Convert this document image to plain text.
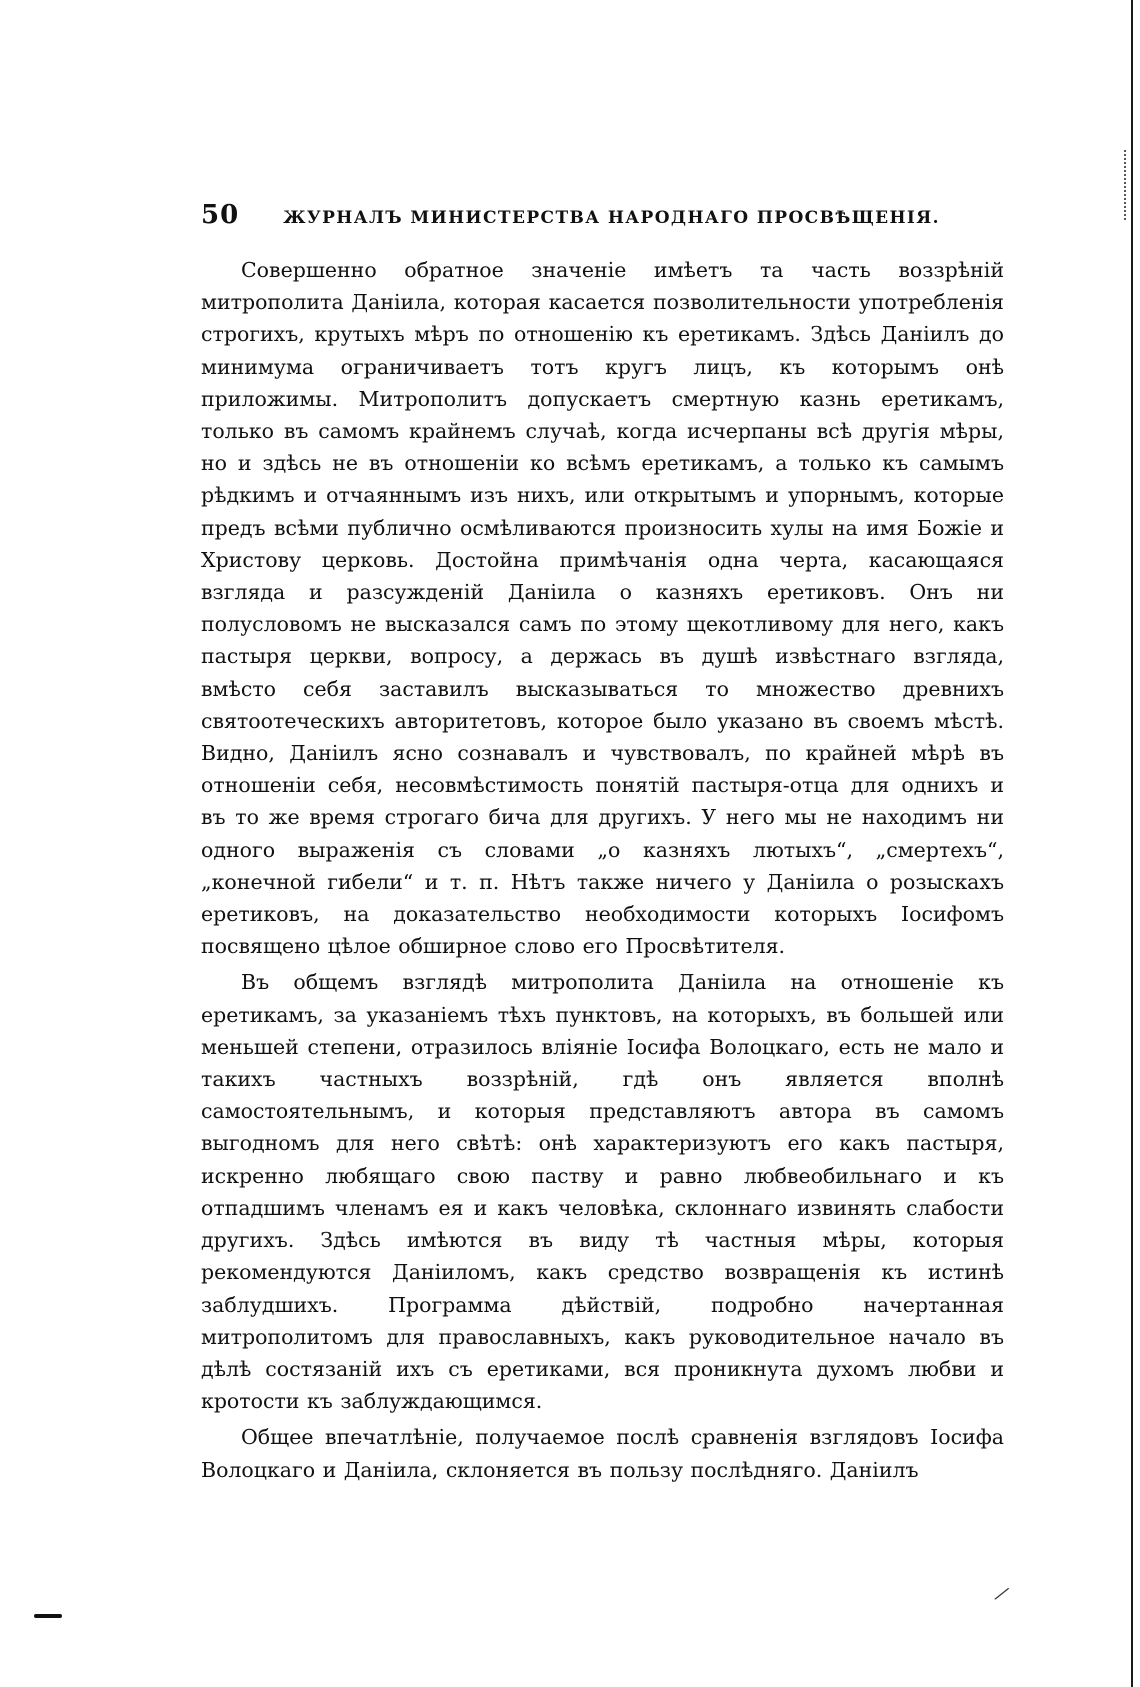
50	ЖУРНАЛЪ МИНИСТЕРСТВА НАРОДНАГО ПРОСВѢЩЕНІЯ.

Совершенно обратное значеніе имѣетъ та часть воззрѣній митрополита Даніила, которая касается позволительности употребленія строгихъ, крутыхъ мѣръ по отношенію къ еретикамъ. Здѣсь Даніилъ до минимума ограничиваетъ тотъ кругъ лицъ, къ которымъ онѣ приложимы. Митрополитъ допускаетъ смертную казнь еретикамъ, только въ самомъ крайнемъ случаѣ, когда исчерпаны всѣ другія мѣры, но и здѣсь не въ отношеніи ко всѣмъ еретикамъ, а только къ самымъ рѣдкимъ и отчаяннымъ изъ нихъ, или открытымъ и упорнымъ, которые предъ всѣми публично осмѣливаются произносить хулы на имя Божіе и Христову церковь. Достойна примѣчанія одна черта, касающаяся взгляда и разсужденій Даніила о казняхъ еретиковъ. Онъ ни полусловомъ не высказался самъ по этому щекотливому для него, какъ пастыря церкви, вопросу, а держась въ душѣ извѣстнаго взгляда, вмѣсто себя заставилъ высказываться то множество древнихъ святоотеческихъ авторитетовъ, которое было указано въ своемъ мѣстѣ. Видно, Даніилъ ясно сознавалъ и чувствовалъ, по крайней мѣрѣ въ отношеніи себя, несовмѣстимость понятій пастыря-отца для однихъ и въ то же время строгаго бича для другихъ. У него мы не находимъ ни одного выраженія съ словами „о казняхъ лютыхъ“, „смертехъ“, „конечной гибели“ и т. п. Нѣтъ также ничего у Даніила о розыскахъ еретиковъ, на доказательство необходимости которыхъ Іосифомъ посвящено цѣлое обширное слово его Просвѣтителя.

Въ общемъ взглядѣ митрополита Даніила на отношеніе къ еретикамъ, за указаніемъ тѣхъ пунктовъ, на которыхъ, въ большей или меньшей степени, отразилось вліяніе Іосифа Волоцкаго, есть не мало и такихъ частныхъ воззрѣній, гдѣ онъ является вполнѣ самостоятельнымъ, и которыя представляютъ автора въ самомъ выгодномъ для него свѣтѣ: онѣ характеризуютъ его какъ пастыря, искренно любящаго свою паству и равно любвеобильнаго и къ отпадшимъ членамъ ея и какъ человѣка, склоннаго извинять слабости другихъ. Здѣсь имѣются въ виду тѣ частныя мѣры, которыя рекомендуются Даніиломъ, какъ средство возвращенія къ истинѣ заблудшихъ. Программа дѣйствій, подробно начертанная митрополитомъ для православныхъ, какъ руководительное начало въ дѣлѣ состязаній ихъ съ еретиками, вся проникнута духомъ любви и кротости къ заблуждающимся.

Общее впечатлѣніе, получаемое послѣ сравненія взглядовъ Іосифа Волоцкаго и Даніила, склоняется въ пользу послѣдняго. Даніилъ

⁄
